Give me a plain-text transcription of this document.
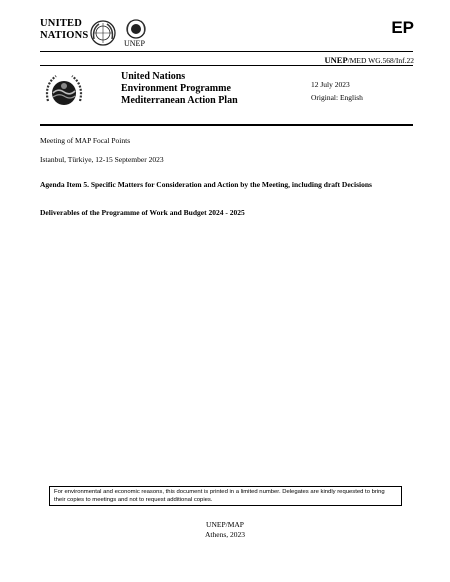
UNITED
NATIONS
UNEP
EP
UNEP/MED WG.568/Inf.22
United Nations
Environment Programme
Mediterranean Action Plan
12 July 2023
Original: English
Meeting of MAP Focal Points
Istanbul, Türkiye, 12-15 September 2023
Agenda Item 5. Specific Matters for Consideration and Action by the Meeting, including draft Decisions
Deliverables of the Programme of Work and Budget 2024 - 2025
For environmental and economic reasons, this document is printed in a limited number. Delegates are kindly requested to bring their copies to meetings and not to request additional copies.
UNEP/MAP
Athens, 2023
